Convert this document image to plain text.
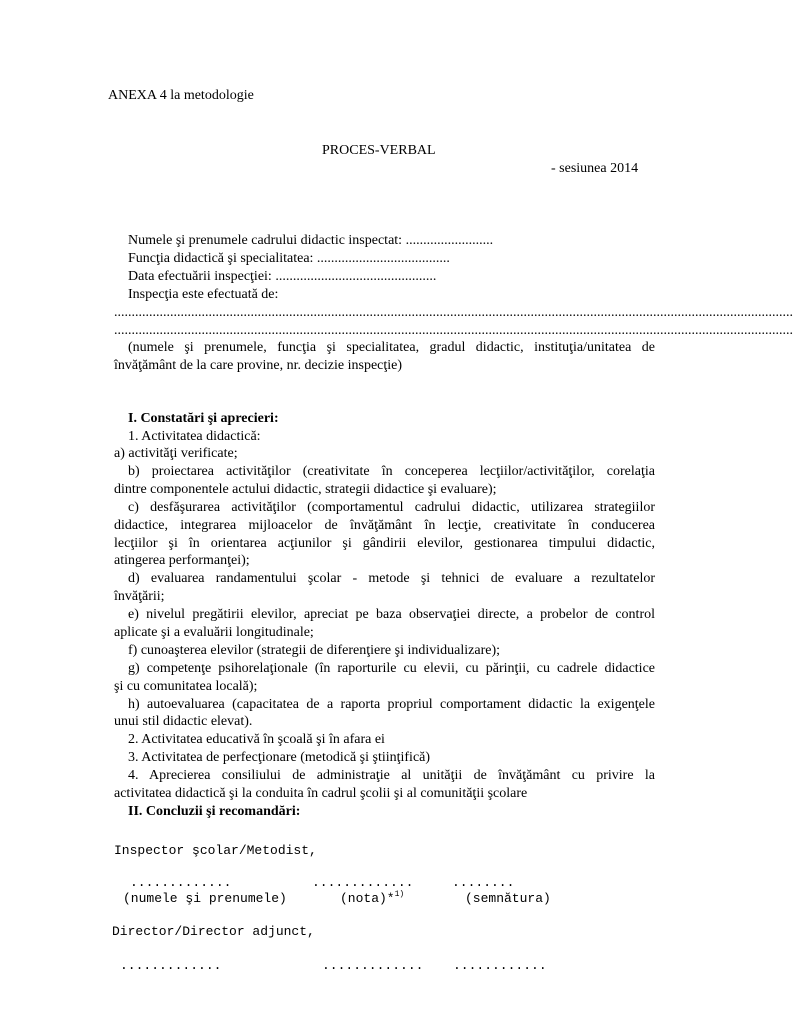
ANEXA 4 la metodologie
PROCES-VERBAL
- sesiunea 2014
Numele şi prenumele cadrului didactic inspectat: .........................
Funcţia didactică şi specialitatea: ......................................
Data efectuării inspecţiei: ..............................................
Inspecţia este efectuată de:
..................................................................................................................................................................................................
..................................................................................................................................................................................................
(numele şi prenumele, funcţia şi specialitatea, gradul didactic, instituţia/unitatea de
învăţământ de la care provine, nr. decizie inspecţie)
I. Constatări şi aprecieri:
1. Activitatea didactică:
a) activităţi verificate;
b) proiectarea activităţilor (creativitate în conceperea lecţiilor/activităţilor, corelaţia
dintre componentele actului didactic, strategii didactice şi evaluare);
c) desfăşurarea activităţilor (comportamentul cadrului didactic, utilizarea strategiilor
didactice, integrarea mijloacelor de învăţământ în lecţie, creativitate în conducerea
lecţiilor şi în orientarea acţiunilor şi gândirii elevilor, gestionarea timpului didactic,
atingerea performanţei);
d) evaluarea randamentului şcolar - metode şi tehnici de evaluare a rezultatelor
învăţării;
e) nivelul pregătirii elevilor, apreciat pe baza observaţiei directe, a probelor de control
aplicate şi a evaluării longitudinale;
f) cunoaşterea elevilor (strategii de diferenţiere şi individualizare);
g) competenţe psihorelaţionale (în raporturile cu elevii, cu părinţii, cu cadrele didactice
şi cu comunitatea locală);
h) autoevaluarea (capacitatea de a raporta propriul comportament didactic la exigenţele
unui stil didactic elevat).
2. Activitatea educativă în şcoală şi în afara ei
3. Activitatea de perfecţionare (metodică şi ştiinţifică)
4. Aprecierea consiliului de administraţie al unităţii de învăţământ cu privire la
activitatea didactică şi la conduita în cadrul şcolii şi al comunităţii şcolare
II. Concluzii şi recomandări:
Inspector şcolar/Metodist,
.............	.............	........
(numele şi prenumele)	(nota)*$^{1)}$	(semnătura)
Director/Director adjunct,
.............	............. ............
